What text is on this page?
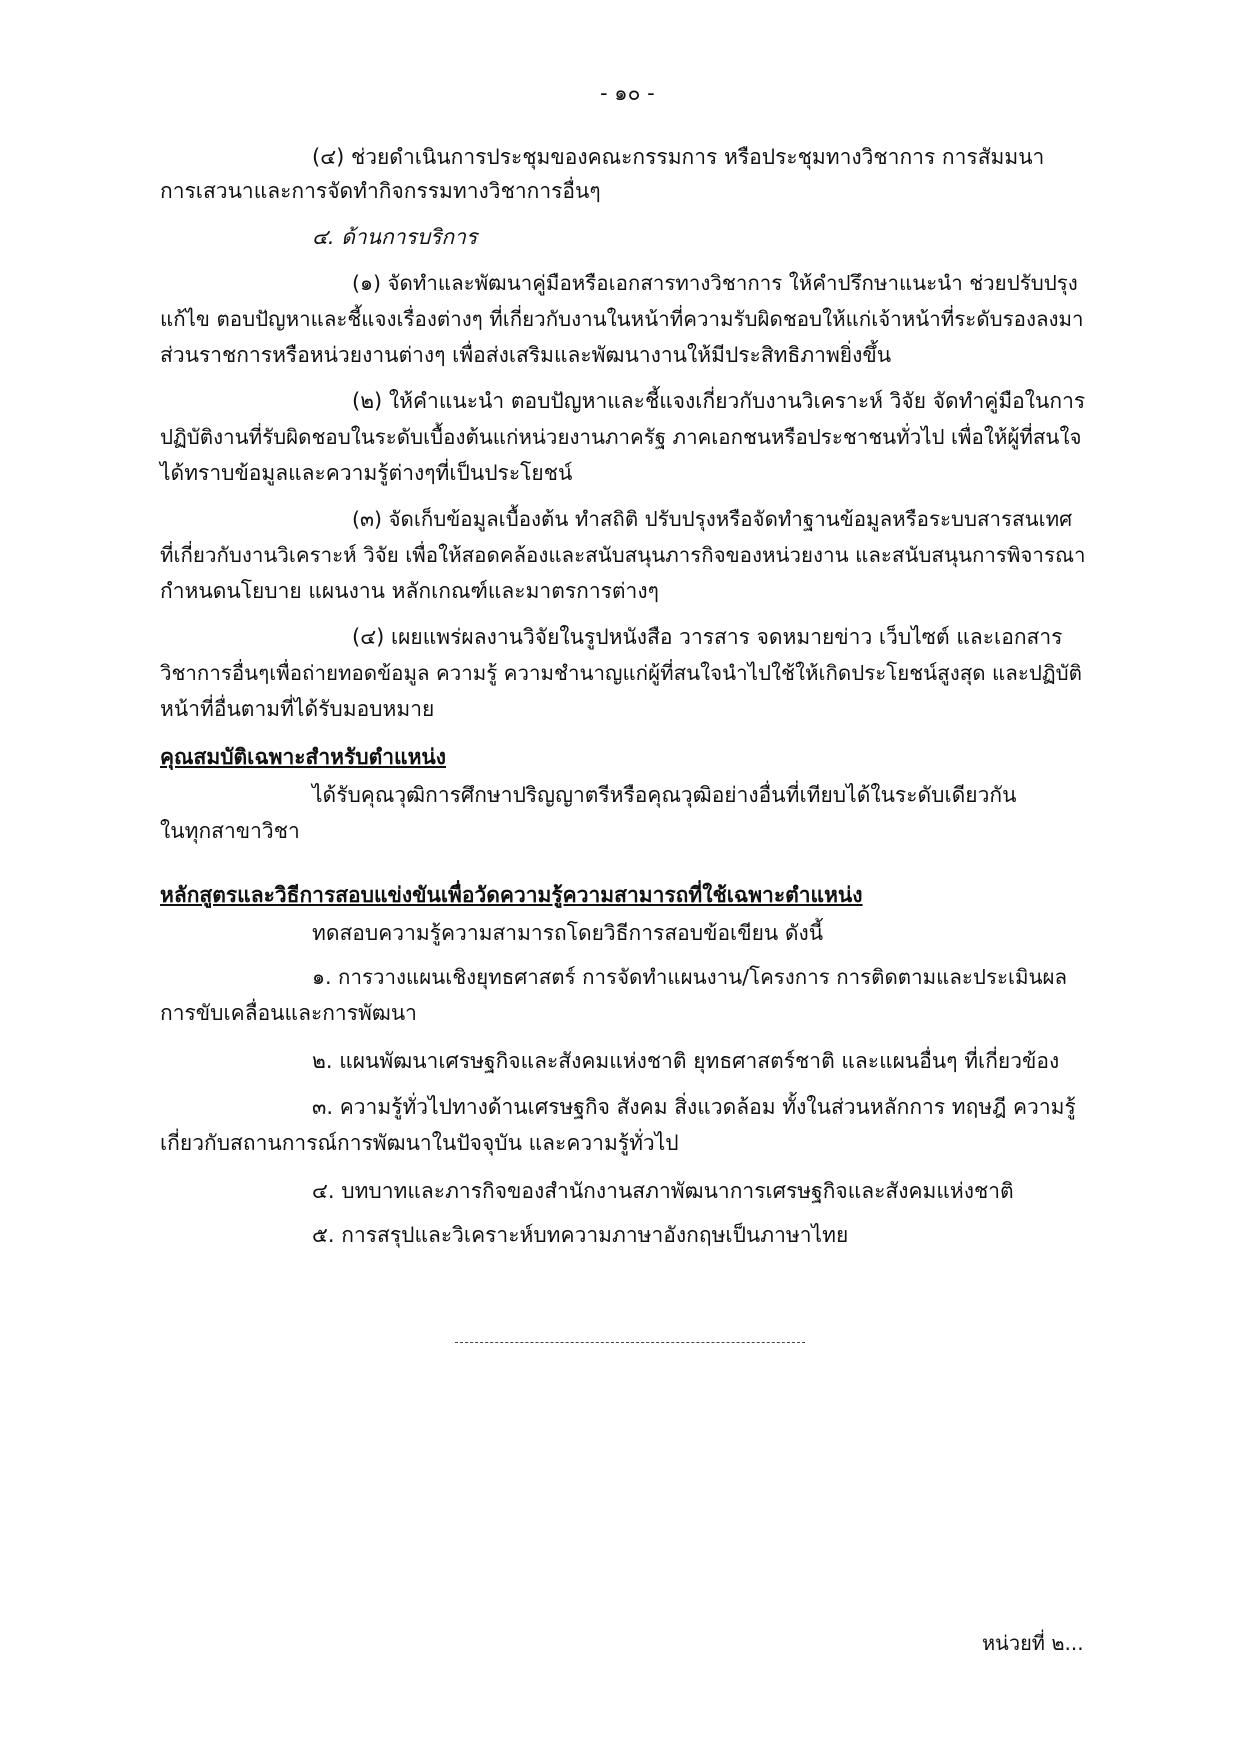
- ๑๐ -
(๔) ช่วยดำเนินการประชุมของคณะกรรมการ หรือประชุมทางวิชาการ การสัมมนา
การเสวนาและการจัดทำกิจกรรมทางวิชาการอื่นๆ
๔. ด้านการบริการ
(๑) จัดทำและพัฒนาคู่มือหรือเอกสารทางวิชาการ ให้คำปรึกษาแนะนำ ช่วยปรับปรุง
แก้ไข ตอบปัญหาและชี้แจงเรื่องต่างๆ ที่เกี่ยวกับงานในหน้าที่ความรับผิดชอบให้แก่เจ้าหน้าที่ระดับรองลงมา
ส่วนราชการหรือหน่วยงานต่างๆ เพื่อส่งเสริมและพัฒนางานให้มีประสิทธิภาพยิ่งขึ้น
(๒) ให้คำแนะนำ ตอบปัญหาและชี้แจงเกี่ยวกับงานวิเคราะห์ วิจัย จัดทำคู่มือในการ
ปฏิบัติงานที่รับผิดชอบในระดับเบื้องต้นแก่หน่วยงานภาครัฐ ภาคเอกชนหรือประชาชนทั่วไป เพื่อให้ผู้ที่สนใจ
ได้ทราบข้อมูลและความรู้ต่างๆที่เป็นประโยชน์
(๓) จัดเก็บข้อมูลเบื้องต้น ทำสถิติ ปรับปรุงหรือจัดทำฐานข้อมูลหรือระบบสารสนเทศ
ที่เกี่ยวกับงานวิเคราะห์ วิจัย เพื่อให้สอดคล้องและสนับสนุนภารกิจของหน่วยงาน และสนับสนุนการพิจารณา
กำหนดนโยบาย แผนงาน หลักเกณฑ์และมาตรการต่างๆ
(๔) เผยแพร่ผลงานวิจัยในรูปหนังสือ วารสาร จดหมายข่าว เว็บไซต์ และเอกสาร
วิชาการอื่นๆเพื่อถ่ายทอดข้อมูล ความรู้ ความชำนาญแก่ผู้ที่สนใจนำไปใช้ให้เกิดประโยชน์สูงสุด และปฏิบัติ
หน้าที่อื่นตามที่ได้รับมอบหมาย
คุณสมบัติเฉพาะสำหรับตำแหน่ง
ได้รับคุณวุฒิการศึกษาปริญญาตรีหรือคุณวุฒิอย่างอื่นที่เทียบได้ในระดับเดียวกัน
ในทุกสาขาวิชา
หลักสูตรและวิธีการสอบแข่งขันเพื่อวัดความรู้ความสามารถที่ใช้เฉพาะตำแหน่ง
ทดสอบความรู้ความสามารถโดยวิธีการสอบข้อเขียน ดังนี้
๑. การวางแผนเชิงยุทธศาสตร์ การจัดทำแผนงาน/โครงการ การติดตามและประเมินผล
การขับเคลื่อนและการพัฒนา
๒. แผนพัฒนาเศรษฐกิจและสังคมแห่งชาติ ยุทธศาสตร์ชาติ และแผนอื่นๆ ที่เกี่ยวข้อง
๓. ความรู้ทั่วไปทางด้านเศรษฐกิจ สังคม สิ่งแวดล้อม ทั้งในส่วนหลักการ ทฤษฎี ความรู้
เกี่ยวกับสถานการณ์การพัฒนาในปัจจุบัน และความรู้ทั่วไป
๔. บทบาทและภารกิจของสำนักงานสภาพัฒนาการเศรษฐกิจและสังคมแห่งชาติ
๕. การสรุปและวิเคราะห์บทความภาษาอังกฤษเป็นภาษาไทย
หน่วยที่ ๒...
